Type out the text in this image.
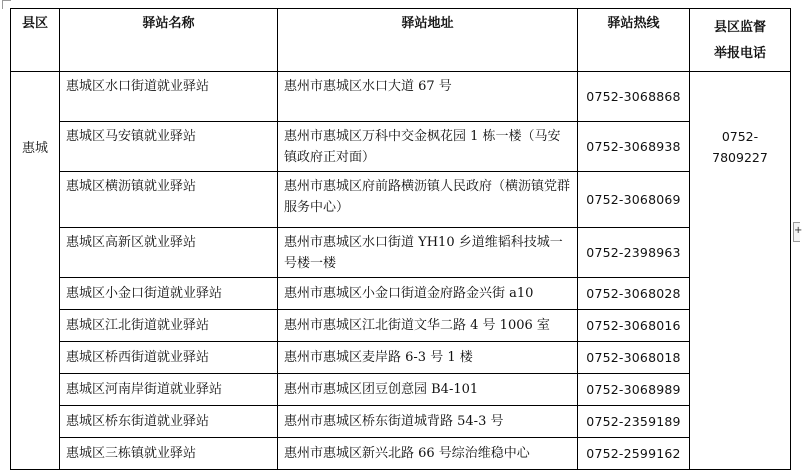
县区	驿站名称	驿站地址	驿站热线	县区监督
举报电话
惠城	惠城区水口街道就业驿站	惠州市惠城区水口大道 67 号	0752-3068868	0752-7809227
	惠城区马安镇就业驿站	惠州市惠城区万科中交金枫花园 1 栋一楼（马安镇政府正对面）	0752-3068938	
	惠城区横沥镇就业驿站	惠州市惠城区府前路横沥镇人民政府（横沥镇党群服务中心）	0752-3068069	
	惠城区高新区就业驿站	惠州市惠城区水口街道 YH10 乡道维韬科技城一号楼一楼	0752-2398963	
	惠城区小金口街道就业驿站	惠州市惠城区小金口街道金府路金兴街 a10	0752-3068028	
	惠城区江北街道就业驿站	惠州市惠城区江北街道文华二路 4 号 1006 室	0752-3068016	
	惠城区桥西街道就业驿站	惠州市惠城区麦岸路 6-3 号 1 楼	0752-3068018	
	惠城区河南岸街道就业驿站	惠州市惠城区团豆创意园 B4-101	0752-3068989	
	惠城区桥东街道就业驿站	惠州市惠城区桥东街道城背路 54-3 号	0752-2359189	
	惠城区三栋镇就业驿站	惠州市惠城区新兴北路 66 号综治维稳中心	0752-2599162	
+
